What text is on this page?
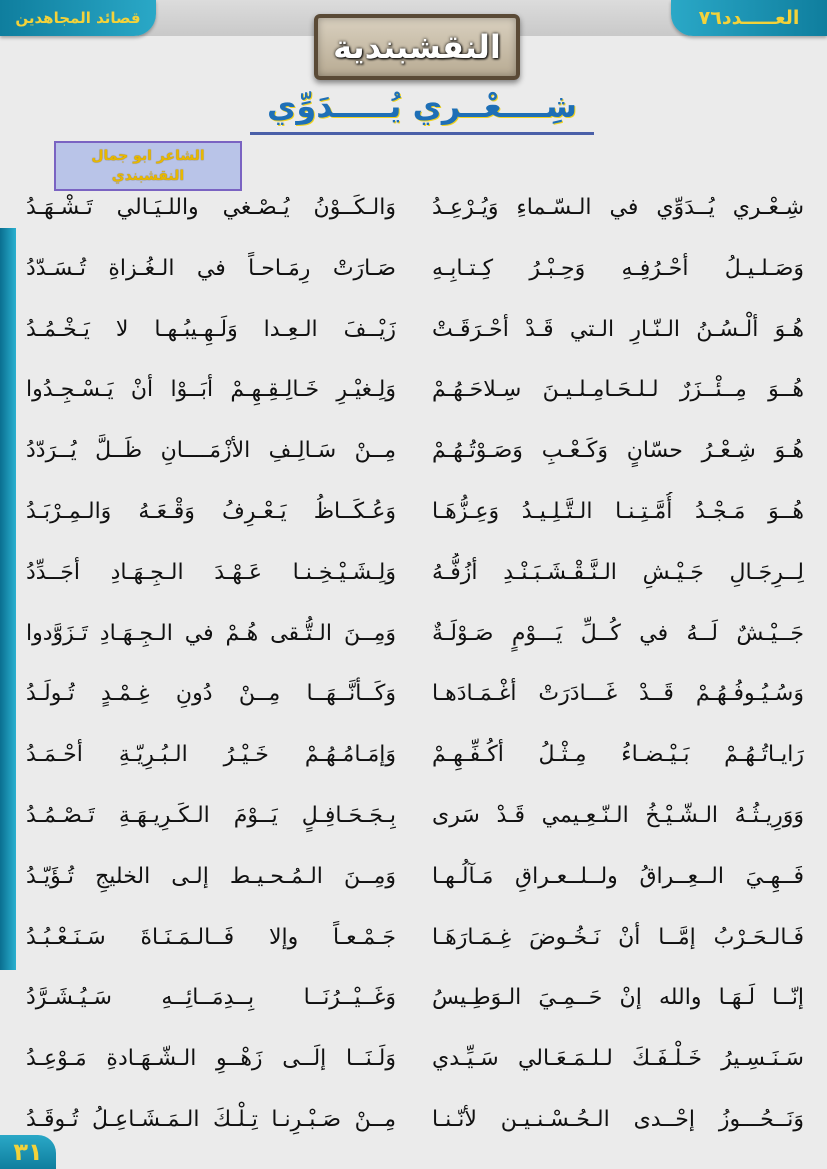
العـــــدد٧٦
قصائد المجاهدين
النقشبندية
شِــــعْــري يُـــــدَوِّي
الشاعر ابو جمال
النقشبندي
شِـعْـري يُــدَوِّي في الـسّـماءِ وَيُـرْعِـدُ
وَالـكَــوْنُ يُـصْـغي واللـيَـالي تَـشْـهَـدُ
وَصَـلـيـلُ أحْـرُفِـهِ وَحِـبْـرُ كِـتـابِـهِ
صَـارَتْ رِمَـاحـاً في الـغُـزاةِ تُـسَـدّدُ
هُـوَ ألْـسُـنُ الـنّـارِ الـتي قَـدْ أحْـرَقَـتْ
زَيْــفَ الـعِـدا وَلَـهِـيبُـهـا لا يَـخْـمُـدُ
هُــوَ مِــئْــزَرٌ لـلـحَـامِـلـيـنَ سِـلاحَـهُـمْ
وَلِـغيْـرِ خَـالِـقِـهِـمْ أبَــوْا أنْ يَـسْـجِـدُوا
هُـوَ شِـعْـرُ حسّانٍ وَكَـعْـبِ وَصَـوْتُـهُـمْ
مِــنْ سَـالِـفِ الأزْمَــــانِ ظَــلَّ يُــرَدّدُ
هُــوَ مَـجْـدُ أُمَّـتِـنـا الـتَّـلِـيـدُ وَعِـزُّهَـا
وَعُـكَــاظُ يَـعْـرِفُ وَقْـعَـهُ وَالـمِـرْبَـدُ
لِــرِجَـالِ جَـيْـشِ الـنَّـقْـشَـبَـنْـدِ أزُفُّـهُ
وَلِـشَـيْـخِـنـا عَـهْـدَ الـجِـهَـادِ أجَــدِّدُ
جَــيْـشٌ لَــهُ في كُــلِّ يَـــوْمٍ صَـوْلَـةٌ
وَمِــنَ الـتُّـقى هُـمْ في الـجِـهَـادِ تَـزَوَّدوا
وَسُـيُـوفُـهُـمْ قَــدْ غَـــادَرَتْ أغْـمَـادَهـا
وَكَــأنَّــهَــا مِــنْ دُونِ غِـمْـدٍ تُـولَـدُ
رَايـاتُـهُـمْ بَـيْـضـاءُ مِـثْـلُ أكُـفِّـهِـمْ
وَإمَـامُـهُـمْ خَـيْـرُ الـبُـرِيّـةِ أحْـمَـدُ
وَوَرِيـثُـهُ الـشّـيْـخُ الـنّـعِـيمي قَـدْ سَرى
بِـجَـحَـافِـلٍ يَــوْمَ الـكَـرِيـهَـةِ تَـصْـمُـدُ
فَــهِـيَ الــعِــراقُ ولــلــعـراقِ مَـآلُـهـا
وَمِــنَ الـمُـحـيـط إلـى الخليجِ تُـؤَيّـدُ
فَـالـحَـرْبُ إمَّــا أنْ نَـخُـوضَ غِـمَـارَهَـا
جَـمْـعـاً وإلا فَــالـمَـنَـاةَ سَـنَـعْـبُـدُ
إنّــا لَـهَـا والله إنْ حَــمِـيَ الـوَطِـيسُ
وَغَــيْــرُنَــا بِــدِمَــائِــهِ سَـيُـشَـرَّدُ
سَـنَـسِـيرُ خَـلْـفَـكَ لـلـمَـعَـالي سَـيِّـدي
وَلَـنَــا إلَــى زَهْــوِ الـشّـهَـادةِ مَـوْعِـدُ
وَنَــحُـــوزُ إحْــدى الـحُـسْـنـيـن لأنّـنـا
مِــنْ صَـبْـرِنـا تِـلْـكَ الـمَـشَـاعِـلُ تُـوقَـدُ
٣١
